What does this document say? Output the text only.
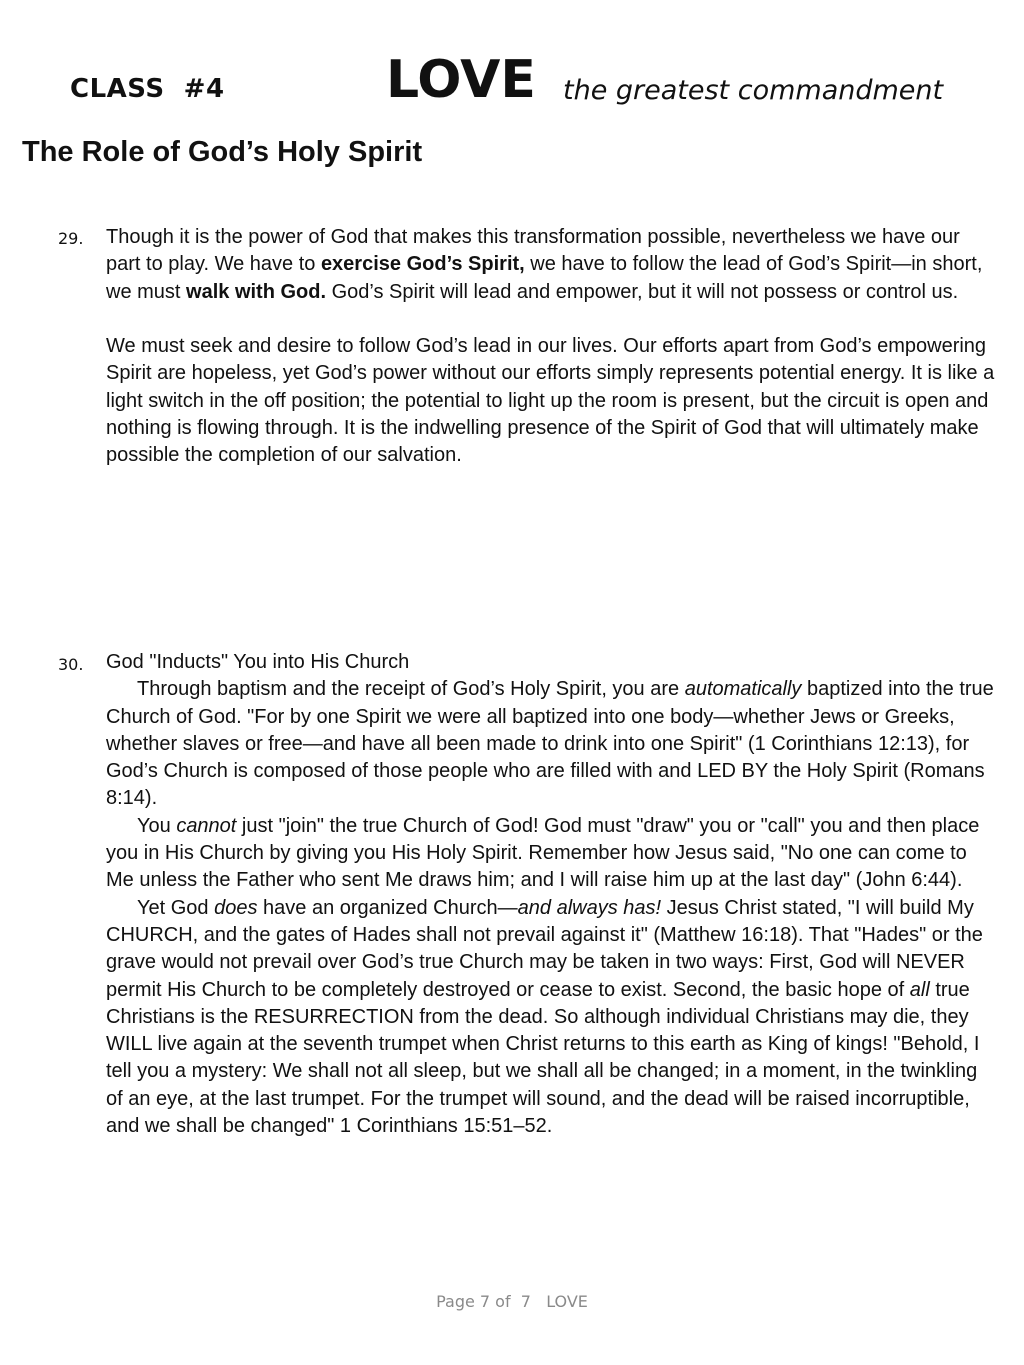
CLASS  #4	LOVE the greatest commandment
The Role of God’s Holy Spirit
29. Though it is the power of God that makes this transformation possible, nevertheless we have our part to play. We have to exercise God’s Spirit, we have to follow the lead of God’s Spirit—in short, we must walk with God. God’s Spirit will lead and empower, but it will not possess or control us.

We must seek and desire to follow God’s lead in our lives. Our efforts apart from God’s empowering Spirit are hopeless, yet God’s power without our efforts simply represents potential energy. It is like a light switch in the off position; the potential to light up the room is present, but the circuit is open and nothing is flowing through. It is the indwelling presence of the Spirit of God that will ultimately make possible the completion of our salvation.

30. God "Inducts" You into His Church

Through baptism and the receipt of God’s Holy Spirit, you are automatically baptized into the true Church of God. "For by one Spirit we were all baptized into one body—whether Jews or Greeks, whether slaves or free—and have all been made to drink into one Spirit" (1 Corinthians 12:13), for God’s Church is composed of those people who are filled with and LED BY the Holy Spirit (Romans 8:14).

You cannot just "join" the true Church of God! God must "draw" you or "call" you and then place you in His Church by giving you His Holy Spirit. Remember how Jesus said, "No one can come to Me unless the Father who sent Me draws him; and I will raise him up at the last day" (John 6:44).

Yet God does have an organized Church—and always has! Jesus Christ stated, "I will build My CHURCH, and the gates of Hades shall not prevail against it" (Matthew 16:18). That "Hades" or the grave would not prevail over God’s true Church may be taken in two ways: First, God will NEVER permit His Church to be completely destroyed or cease to exist. Second, the basic hope of all true Christians is the RESURRECTION from the dead. So although individual Christians may die, they WILL live again at the seventh trumpet when Christ returns to this earth as King of kings! "Behold, I tell you a mystery: We shall not all sleep, but we shall all be changed; in a moment, in the twinkling of an eye, at the last trumpet. For the trumpet will sound, and the dead will be raised incorruptible, and we shall be changed" 1 Corinthians 15:51–52.

Page 7 of  7   LOVE
